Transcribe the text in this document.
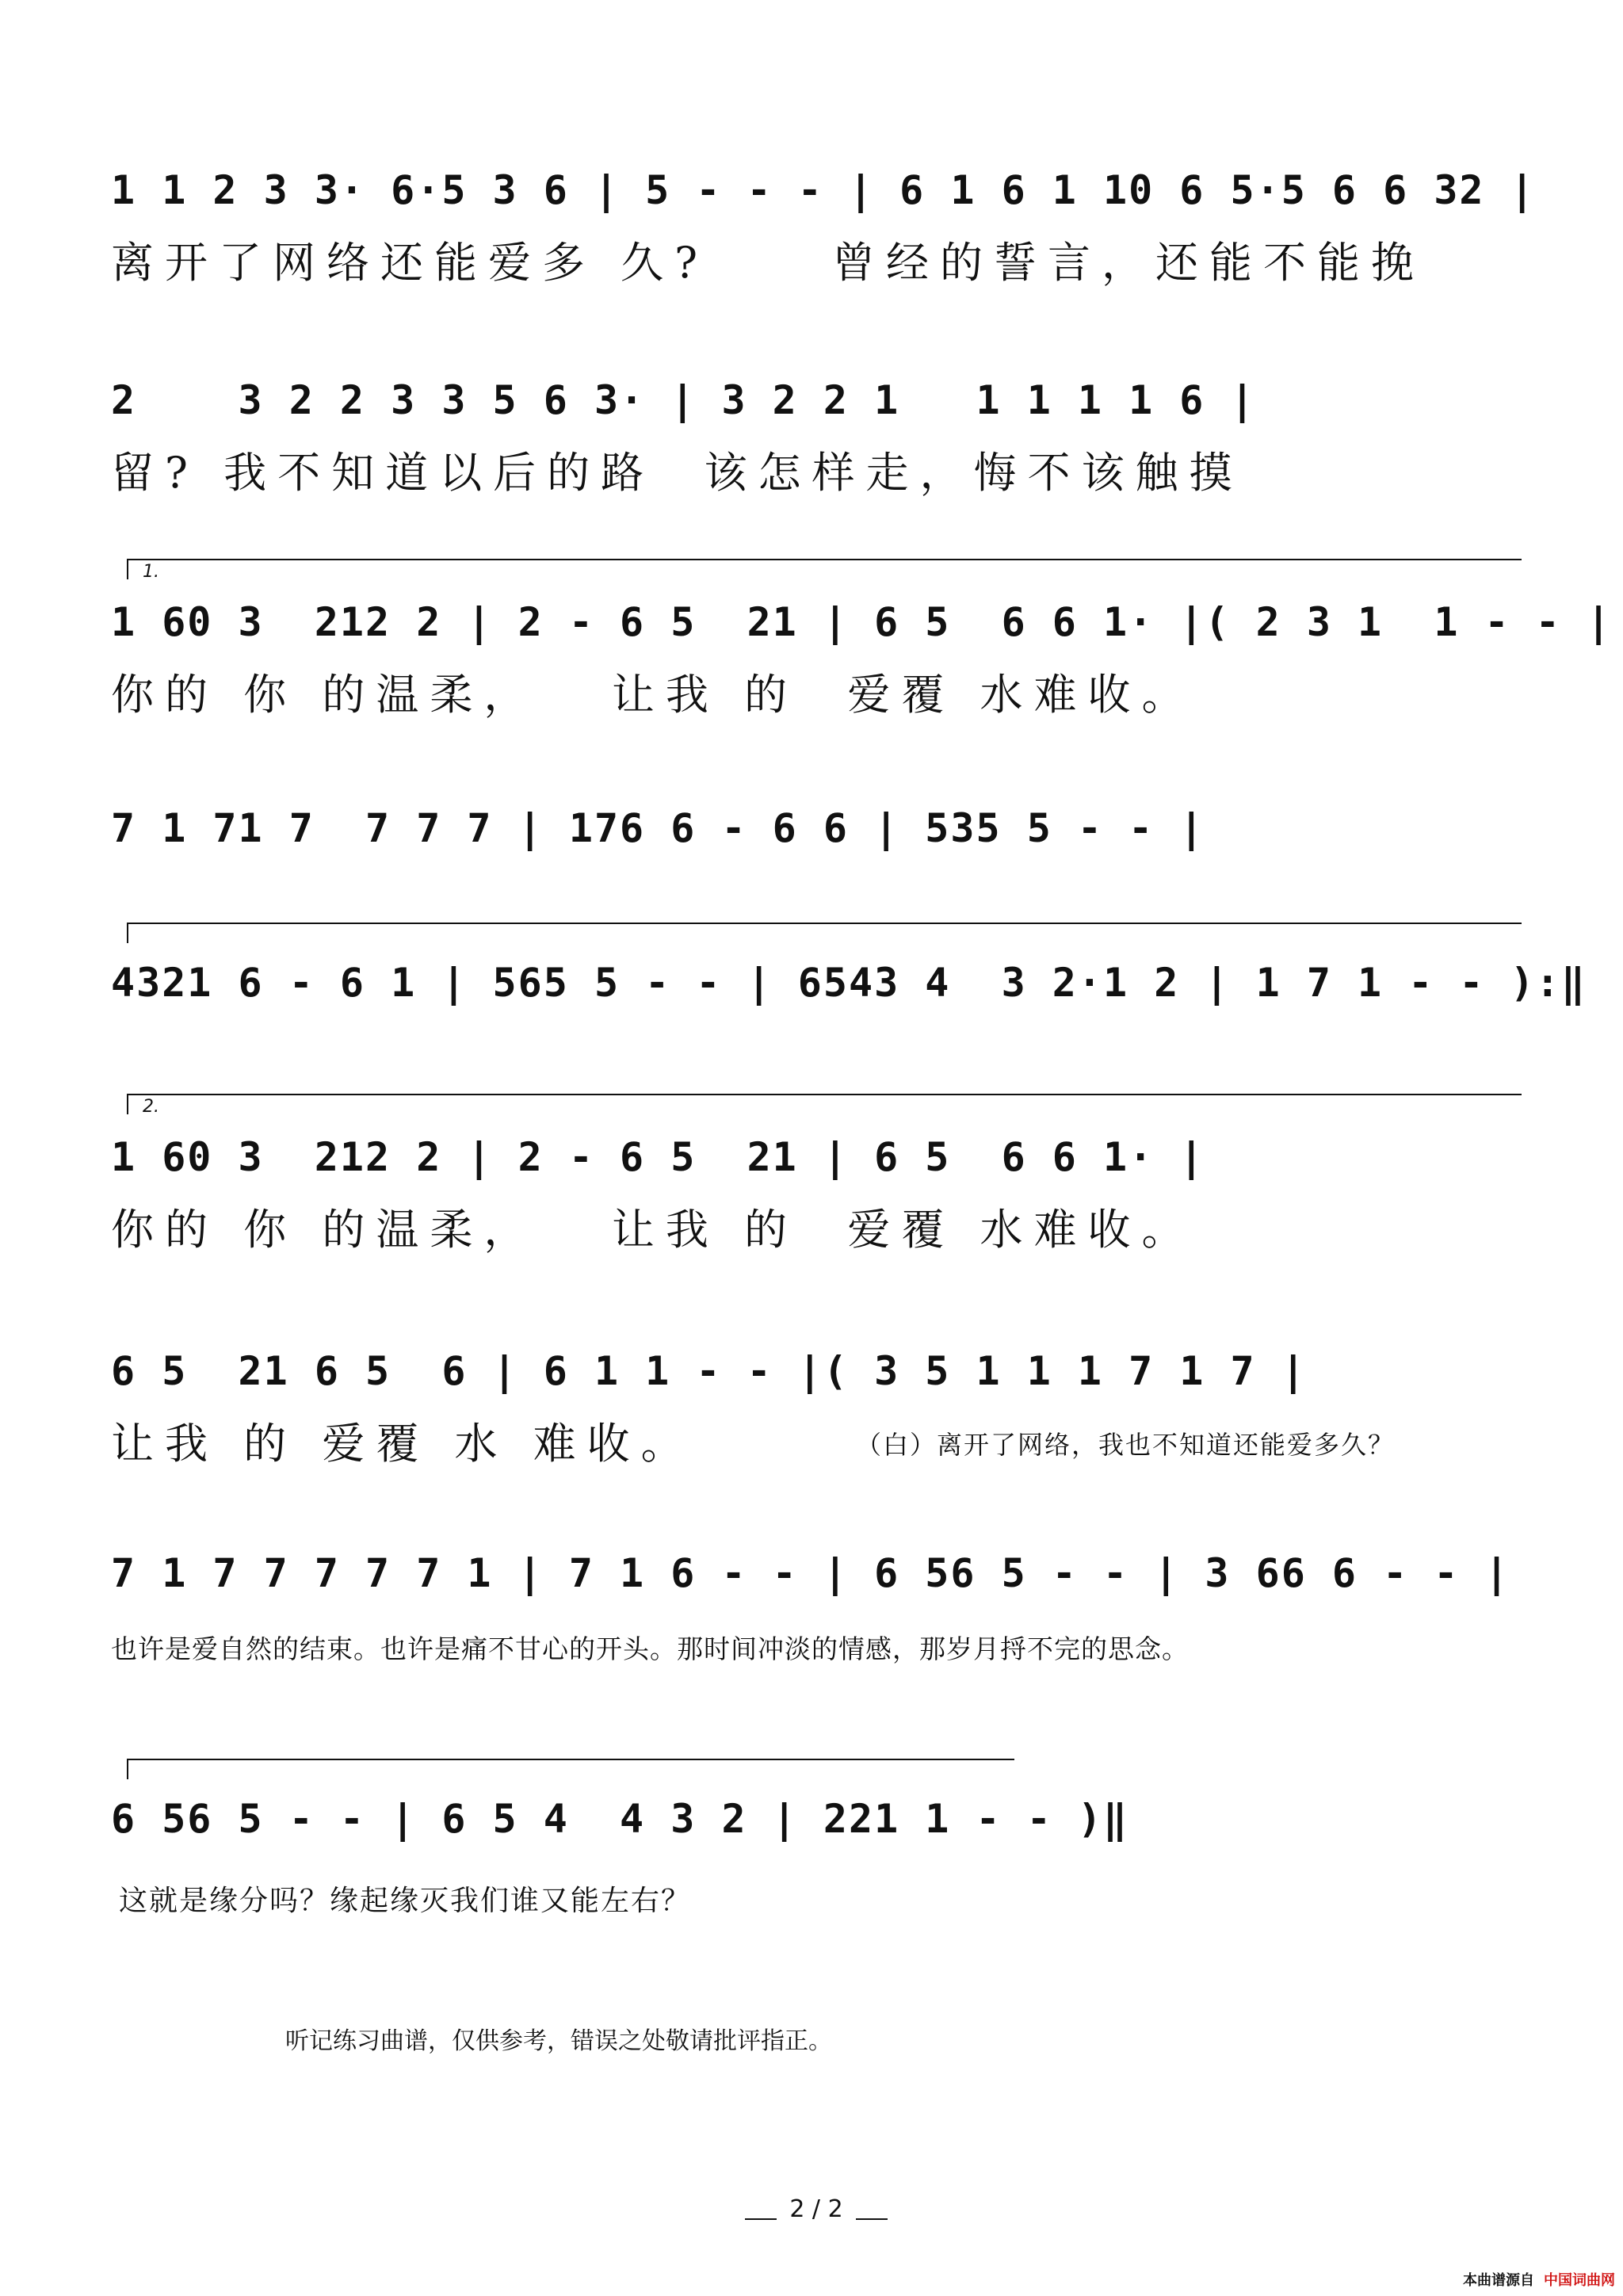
1 1 2 3 3· 6·5 3 6 | 5 - - - | 6 1 6 1 10 6 5·5 6 6 32 |
离开了网络还能爱多 久?     曾经的誓言，还能不能挽
2    3 2 2 3 3 5 6 3· | 3 2 2 1   1 1 1 1 6 |
留? 我不知道以后的路  该怎样走，悔不该触摸
1.
1 60 3  212 2 | 2 - 6 5  21 | 6 5  6 6 1· |( 2 3 1  1 - - |
你的 你 的温柔，   让我 的  爱覆 水难收。
7 1 71 7  7 7 7 | 176 6 - 6 6 | 535 5 - - |
4321 6 - 6 1 | 565 5 - - | 6543 4  3 2·1 2 | 1 7 1 - - ):‖
2.
1 60 3  212 2 | 2 - 6 5  21 | 6 5  6 6 1· |
你的 你 的温柔，   让我 的  爱覆 水难收。
6 5  21 6 5  6 | 6 1 1 - - |( 3 5 1 1 1 7 1 7 |
让我 的 爱覆 水 难收。	（白）离开了网络，我也不知道还能爱多久？
7 1 7 7 7 7 7 1 | 7 1 6 - - | 6 56 5 - - | 3 66 6 - - |
也许是爱自然的结束。也许是痛不甘心的开头。那时间冲淡的情感，那岁月捋不完的思念。
6 56 5 - - | 6 5 4  4 3 2 | 221 1 - - )‖
这就是缘分吗？缘起缘灭我们谁又能左右？
听记练习曲谱，仅供参考，错误之处敬请批评指正。
2 / 2
本曲谱源自 中国词曲网
